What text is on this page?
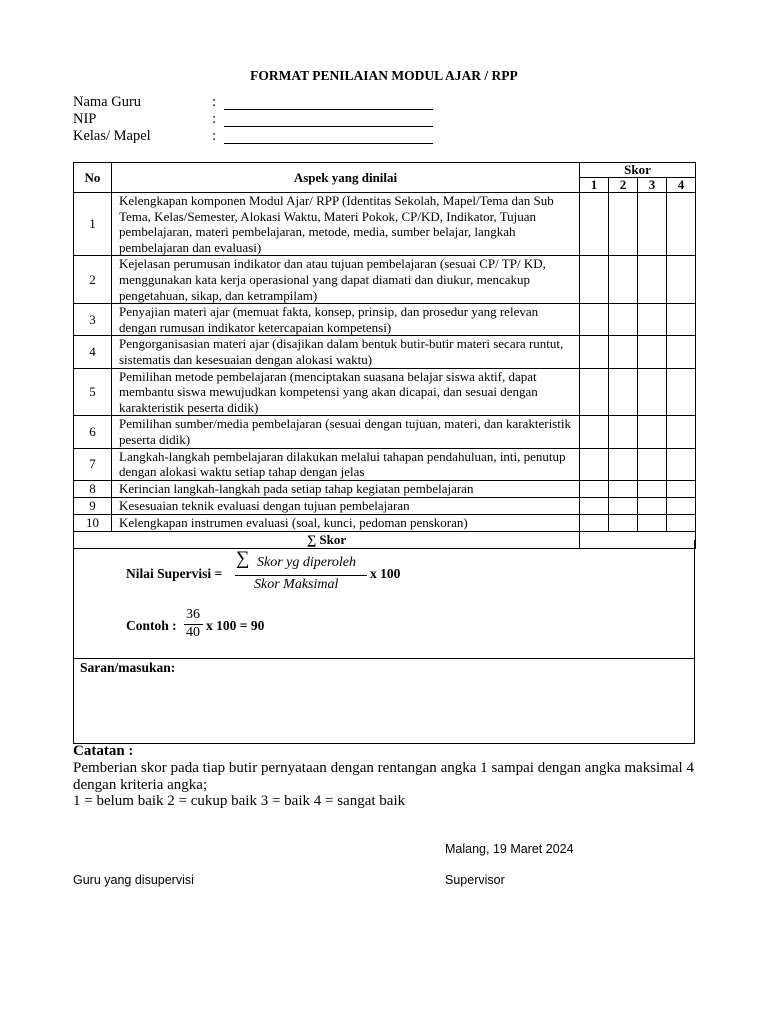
FORMAT PENILAIAN MODUL AJAR / RPP
Nama Guru	:
NIP	:
Kelas/ Mapel	:
No	Aspek yang dinilai	Skor			
		1	2	3	4
1	Kelengkapan komponen Modul Ajar/ RPP (Identitas Sekolah, Mapel/Tema dan Sub Tema, Kelas/Semester, Alokasi Waktu, Materi Pokok, CP/KD, Indikator, Tujuan pembelajaran, materi pembelajaran, metode, media, sumber belajar, langkah pembelajaran dan evaluasi)				
2	Kejelasan perumusan indikator dan atau tujuan pembelajaran (sesuai CP/ TP/ KD, menggunakan kata kerja operasional yang dapat diamati dan diukur, mencakup pengetahuan, sikap, dan ketrampilam)				
3	Penyajian materi ajar (memuat fakta, konsep, prinsip, dan prosedur yang relevan dengan rumusan indikator ketercapaian kompetensi)				
4	Pengorganisasian materi ajar (disajikan dalam bentuk butir-butir materi secara runtut, sistematis dan kesesuaian dengan alokasi waktu)				
5	Pemilihan metode pembelajaran (menciptakan suasana belajar siswa aktif, dapat membantu siswa mewujudkan kompetensi yang akan dicapai, dan sesuai dengan karakteristik peserta didik)				
6	Pemilihan sumber/media pembelajaran (sesuai dengan tujuan, materi, dan karakteristik peserta didik)				
7	Langkah-langkah pembelajaran dilakukan melalui tahapan pendahuluan, inti, penutup dengan alokasi waktu setiap tahap dengan jelas				
8	Kerincian langkah-langkah pada setiap tahap kegiatan pembelajaran				
9	Kesesuaian teknik evaluasi dengan tujuan pembelajaran				
10	Kelengkapan instrumen evaluasi (soal, kunci, pedoman penskoran)				
∑ Skor					
Nilai Supervisi =
∑ Skor yg diperoleh
Skor Maksimal
x 100
Contoh :
36
40 x 100 = 90
Saran/masukan:
Catatan :
Pemberian skor pada tiap butir pernyataan dengan rentangan angka 1 sampai dengan angka maksimal 4 dengan kriteria angka;
1 = belum baik 2 = cukup baik 3 = baik 4 = sangat baik
Malang, 19 Maret 2024
Guru yang disupervisi	Supervisor
